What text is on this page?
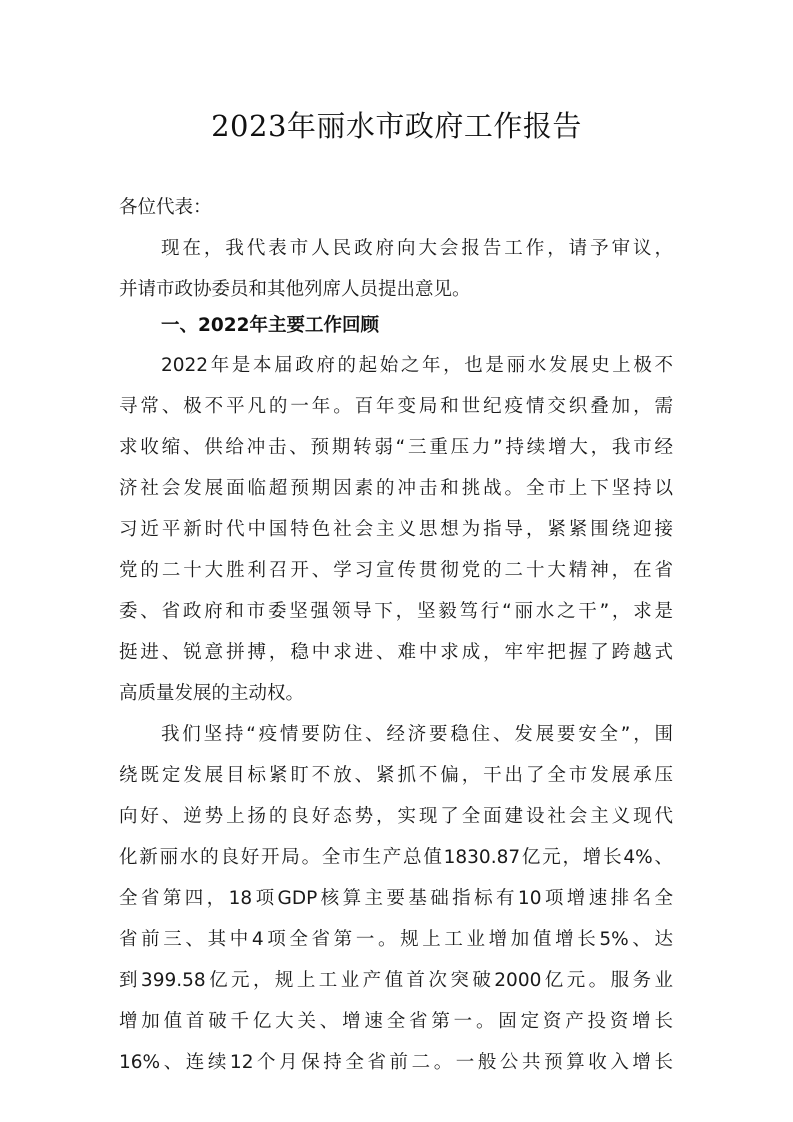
2023年丽水市政府工作报告
各位代表：
现在，我代表市人民政府向大会报告工作，请予审议，
并请市政协委员和其他列席人员提出意见。
一、2022年主要工作回顾
2022年是本届政府的起始之年，也是丽水发展史上极不
寻常、极不平凡的一年。百年变局和世纪疫情交织叠加，需
求收缩、供给冲击、预期转弱“三重压力”持续增大，我市经
济社会发展面临超预期因素的冲击和挑战。全市上下坚持以
习近平新时代中国特色社会主义思想为指导，紧紧围绕迎接
党的二十大胜利召开、学习宣传贯彻党的二十大精神，在省
委、省政府和市委坚强领导下，坚毅笃行“丽水之干”，求是
挺进、锐意拼搏，稳中求进、难中求成，牢牢把握了跨越式
高质量发展的主动权。
我们坚持“疫情要防住、经济要稳住、发展要安全”，围
绕既定发展目标紧盯不放、紧抓不偏，干出了全市发展承压
向好、逆势上扬的良好态势，实现了全面建设社会主义现代
化新丽水的良好开局。全市生产总值1830.87亿元，增长4%、
全省第四，18项GDP核算主要基础指标有10项增速排名全
省前三、其中4项全省第一。规上工业增加值增长5%、达
到399.58亿元，规上工业产值首次突破2000亿元。服务业
增加值首破千亿大关、增速全省第一。固定资产投资增长
16%、连续12个月保持全省前二。一般公共预算收入增长
